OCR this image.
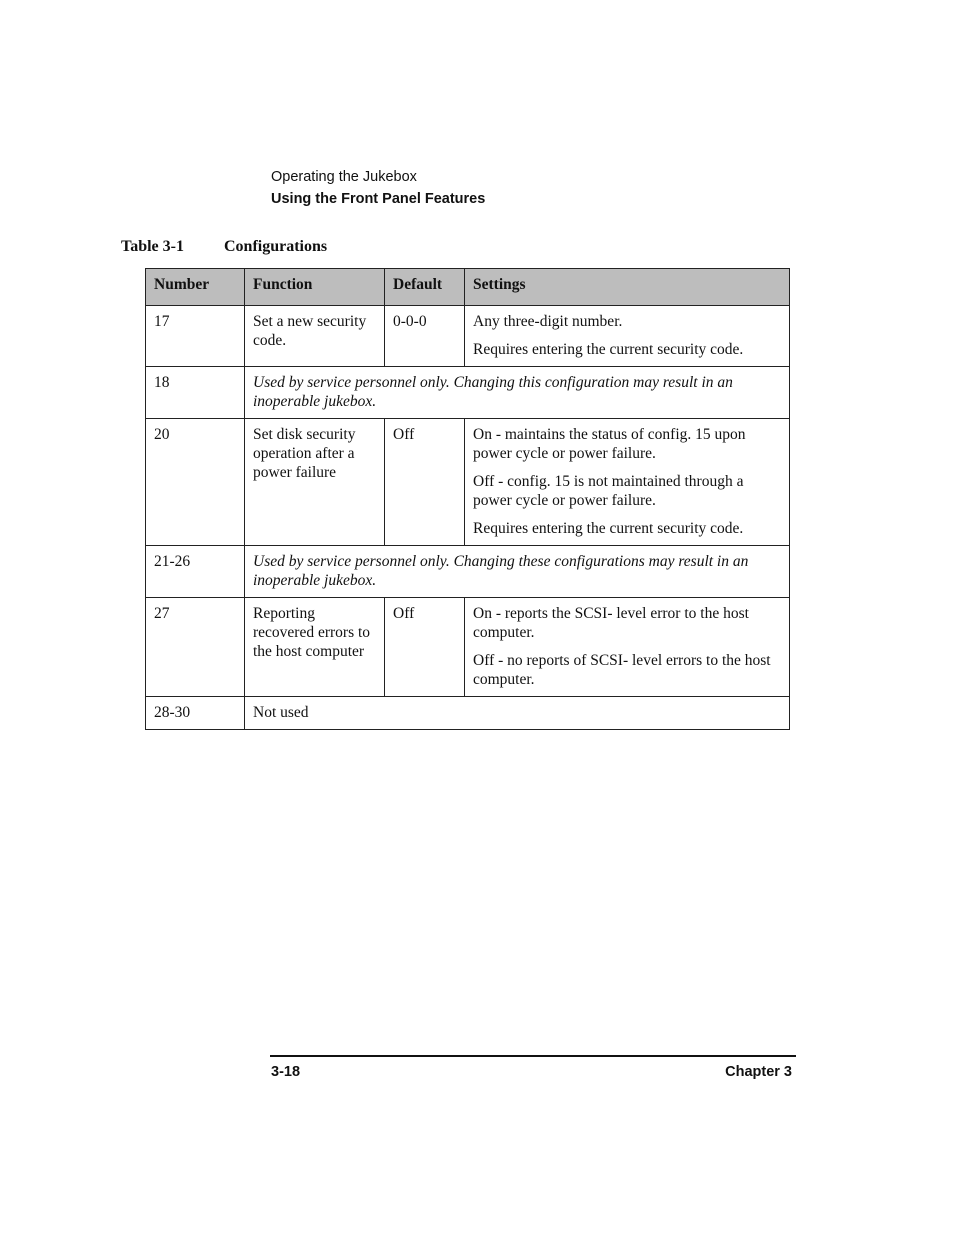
Operating the Jukebox
Using the Front Panel Features
Table 3-1	Configurations
Number	Function	Default	Settings
17	Set a new security code.	0-0-0	Any three-digit number.

Requires entering the current security code.

18	Used by service personnel only. Changing this configuration may result in an inoperable jukebox.		
20	Set disk security operation after a power failure	Off	On - maintains the status of config. 15 upon power cycle or power failure.

Off - config. 15 is not maintained through a power cycle or power failure.

Requires entering the current security code.

21-26	Used by service personnel only. Changing these configurations may result in an inoperable jukebox.		
27	Reporting recovered errors to the host computer	Off	On - reports the SCSI- level error to the host computer.

Off - no reports of SCSI- level errors to the host computer.

28-30	Not used		
3-18	Chapter 3
